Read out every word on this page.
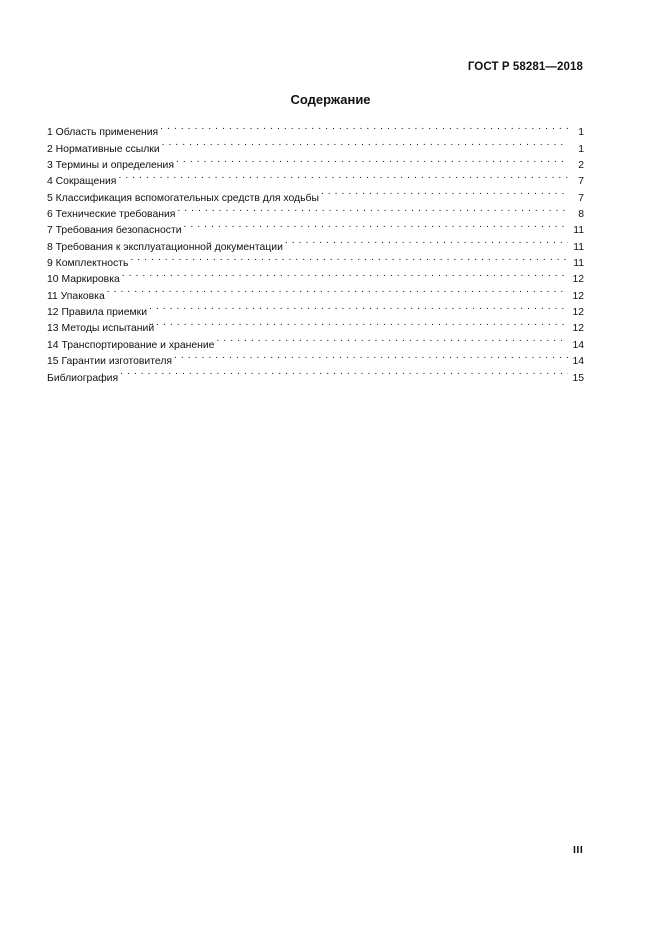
ГОСТ Р 58281—2018
Содержание
1 Область применения . . .	1
2 Нормативные ссылки . . .	1
3 Термины и определения . . .	2
4 Сокращения . . .	7
5 Классификация вспомогательных средств для ходьбы . . .	7
6 Технические требования . . .	8
7 Требования безопасности . . .	11
8 Требования к эксплуатационной документации . . .	11
9 Комплектность . . .	11
10 Маркировка . . .	12
11 Упаковка . . .	12
12 Правила приемки . . .	12
13 Методы испытаний . . .	12
14 Транспортирование и хранение . . .	14
15 Гарантии изготовителя . . .	14
Библиография . . .	15
III
